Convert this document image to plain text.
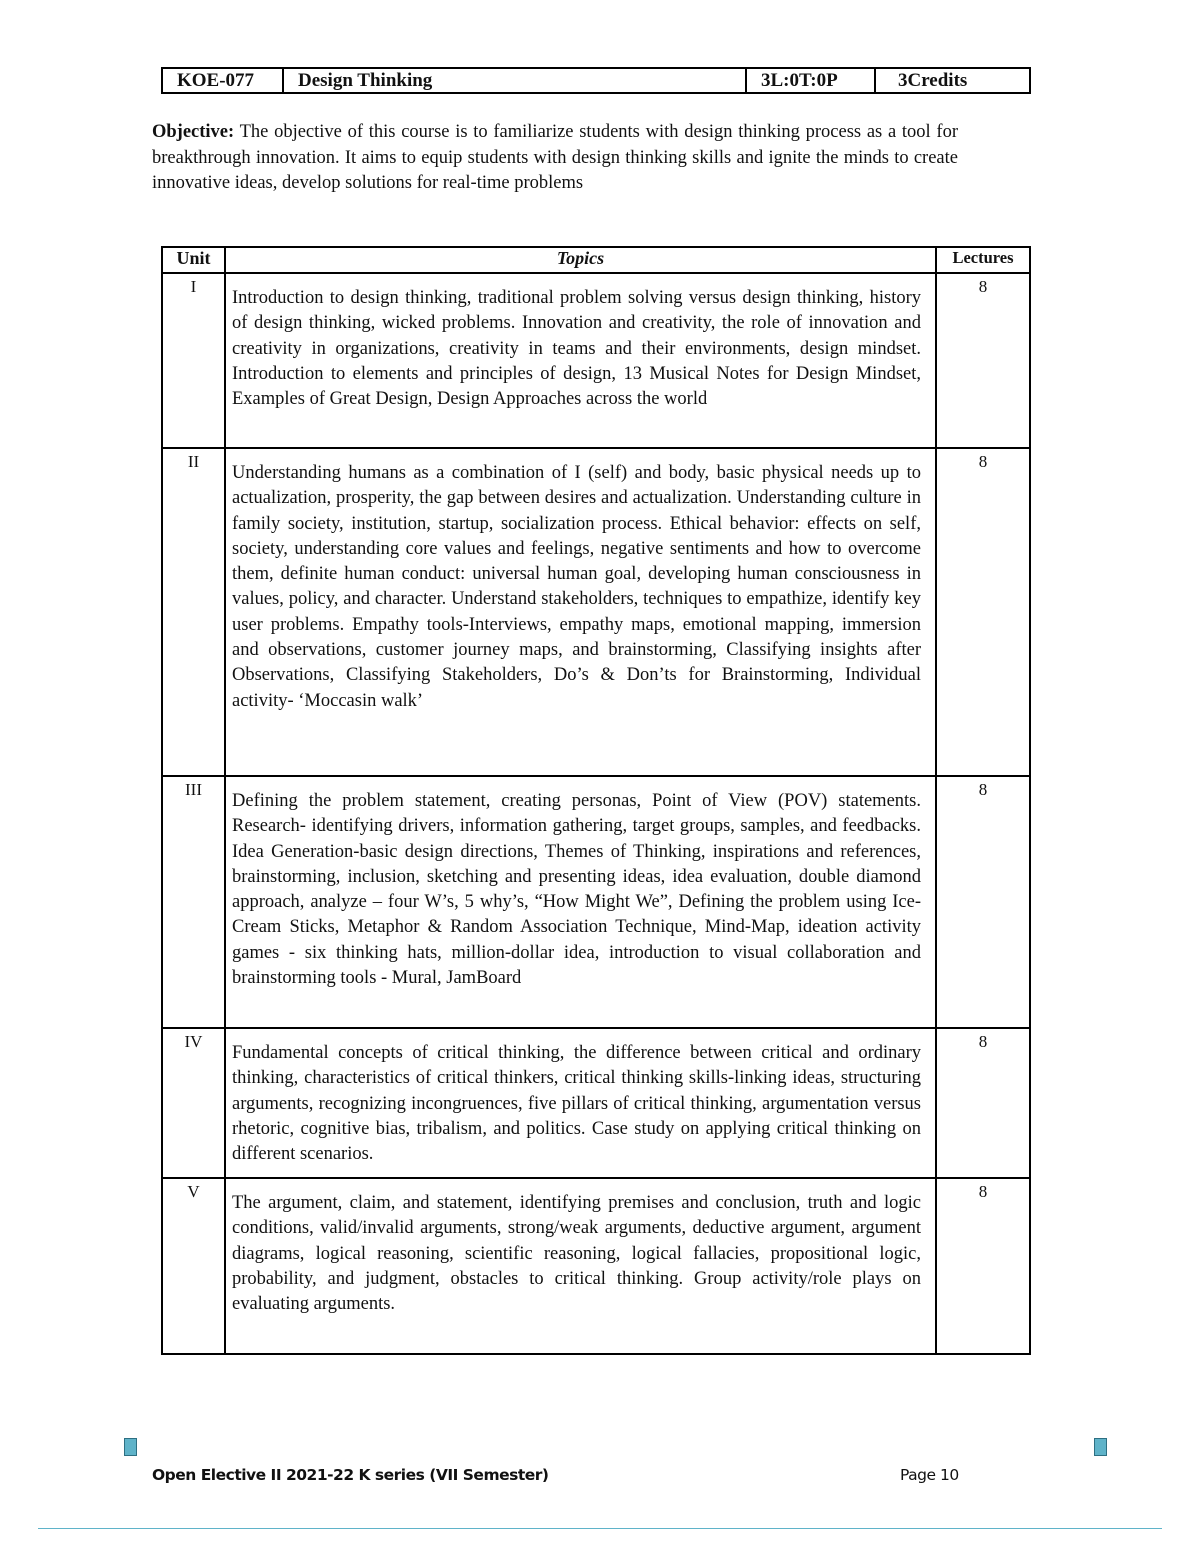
KOE-077	Design Thinking	3L:0T:0P	3Credits

Objective: The objective of this course is to familiarize students with design thinking process as a tool for breakthrough innovation. It aims to equip students with design thinking skills and ignite the minds to create innovative ideas, develop solutions for real-time problems

Unit	Topics	Lectures
I	Introduction to design thinking, traditional problem solving versus design thinking, history of design thinking, wicked problems. Innovation and creativity, the role of innovation and creativity in organizations, creativity in teams and their environments, design mindset. Introduction to elements and principles of design, 13 Musical Notes for Design Mindset, Examples of Great Design, Design Approaches across the world	8
II	Understanding humans as a combination of I (self) and body, basic physical needs up to actualization, prosperity, the gap between desires and actualization. Understanding culture in family society, institution, startup, socialization process. Ethical behavior: effects on self, society, understanding core values and feelings, negative sentiments and how to overcome them, definite human conduct: universal human goal, developing human consciousness in values, policy, and character. Understand stakeholders, techniques to empathize, identify key user problems. Empathy tools-Interviews, empathy maps, emotional mapping, immersion and observations, customer journey maps, and brainstorming, Classifying insights after Observations, Classifying Stakeholders, Do’s & Don’ts for Brainstorming, Individual activity- ‘Moccasin walk’	8
III	Defining the problem statement, creating personas, Point of View (POV) statements. Research- identifying drivers, information gathering, target groups, samples, and feedbacks. Idea Generation-basic design directions, Themes of Thinking, inspirations and references, brainstorming, inclusion, sketching and presenting ideas, idea evaluation, double diamond approach, analyze – four W’s, 5 why’s, “How Might We”, Defining the problem using Ice-Cream Sticks, Metaphor & Random Association Technique, Mind-Map, ideation activity games - six thinking hats, million-dollar idea, introduction to visual collaboration and brainstorming tools - Mural, JamBoard	8
IV	Fundamental concepts of critical thinking, the difference between critical and ordinary thinking, characteristics of critical thinkers, critical thinking skills-linking ideas, structuring arguments, recognizing incongruences, five pillars of critical thinking, argumentation versus rhetoric, cognitive bias, tribalism, and politics. Case study on applying critical thinking on different scenarios.	8
V	The argument, claim, and statement, identifying premises and conclusion, truth and logic conditions, valid/invalid arguments, strong/weak arguments, deductive argument, argument diagrams, logical reasoning, scientific reasoning, logical fallacies, propositional logic, probability, and judgment, obstacles to critical thinking. Group activity/role plays on evaluating arguments.	8
Open Elective II 2021-22 K series (VII Semester)	Page 10
